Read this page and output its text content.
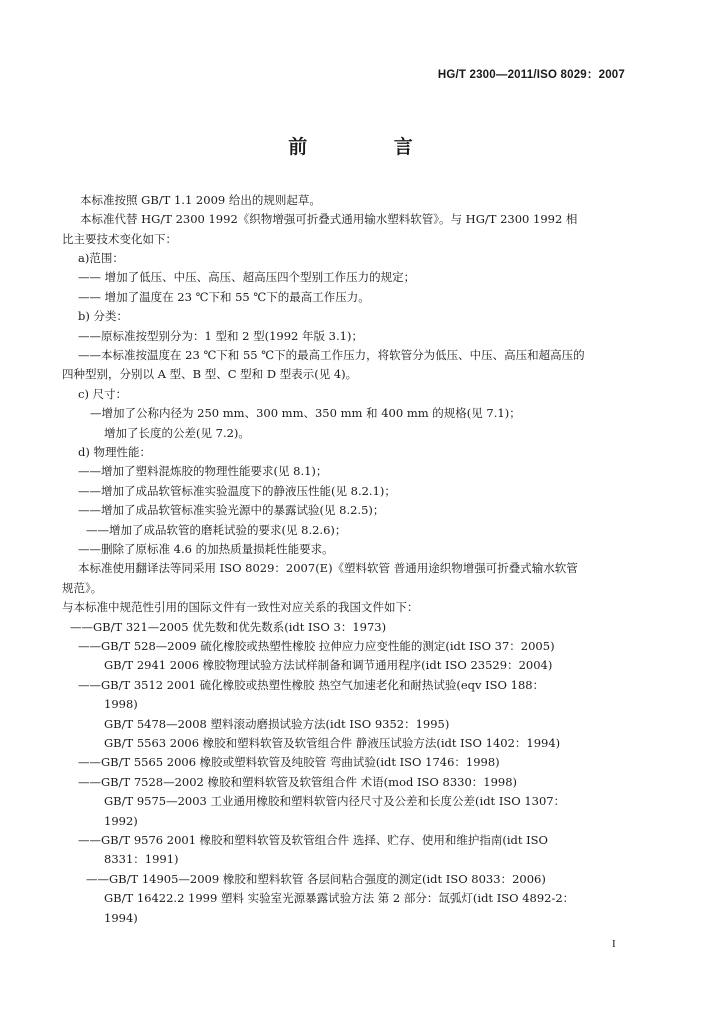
HG/T 2300—2011/ISO 8029：2007
前 言
本标准按照 GB/T 1.1 2009 给出的规则起草。
本标准代替 HG/T 2300 1992《织物增强可折叠式通用输水塑料软管》。与 HG/T 2300 1992 相
比主要技术变化如下：
a)范围：
—— 增加了低压、中压、高压、超高压四个型别工作压力的规定；
—— 增加了温度在 23 ℃下和 55 ℃下的最高工作压力。
b) 分类：
——原标准按型别分为：1 型和 2 型(1992 年版 3.1)；
——本标准按温度在 23 ℃下和 55 ℃下的最高工作压力，将软管分为低压、中压、高压和超高压的
四种型别，分别以 A 型、B 型、C 型和 D 型表示(见 4)。
c) 尺寸：
—增加了公称内径为 250 mm、300 mm、350 mm 和 400 mm 的规格(见 7.1)；
增加了长度的公差(见 7.2)。
d) 物理性能：
——增加了塑料混炼胶的物理性能要求(见 8.1)；
——增加了成品软管标准实验温度下的静液压性能(见 8.2.1)；
——增加了成品软管标准实验光源中的暴露试验(见 8.2.5)；
——增加了成品软管的磨耗试验的要求(见 8.2.6)；
——删除了原标准 4.6 的加热质量损耗性能要求。
本标准使用翻译法等同采用 ISO 8029：2007(E)《塑料软管 普通用途织物增强可折叠式输水软管
规范》。
与本标准中规范性引用的国际文件有一致性对应关系的我国文件如下：
——GB/T 321—2005 优先数和优先数系(idt ISO 3：1973)
——GB/T 528—2009 硫化橡胶或热塑性橡胶 拉伸应力应变性能的测定(idt ISO 37：2005)
GB/T 2941 2006 橡胶物理试验方法试样制备和调节通用程序(idt ISO 23529：2004)
——GB/T 3512 2001 硫化橡胶或热塑性橡胶 热空气加速老化和耐热试验(eqv ISO 188：
1998)
GB/T 5478—2008 塑料滚动磨损试验方法(idt ISO 9352：1995)
GB/T 5563 2006 橡胶和塑料软管及软管组合件 静液压试验方法(idt ISO 1402：1994)
——GB/T 5565 2006 橡胶或塑料软管及纯胶管 弯曲试验(idt ISO 1746：1998)
——GB/T 7528—2002 橡胶和塑料软管及软管组合件 术语(mod ISO 8330：1998)
GB/T 9575—2003 工业通用橡胶和塑料软管内径尺寸及公差和长度公差(idt ISO 1307：
1992)
——GB/T 9576 2001 橡胶和塑料软管及软管组合件 选择、贮存、使用和维护指南(idt ISO
8331：1991)
——GB/T 14905—2009 橡胶和塑料软管 各层间粘合强度的测定(idt ISO 8033：2006)
GB/T 16422.2 1999 塑料 实验室光源暴露试验方法 第 2 部分：氙弧灯(idt ISO 4892-2：
1994)
I
